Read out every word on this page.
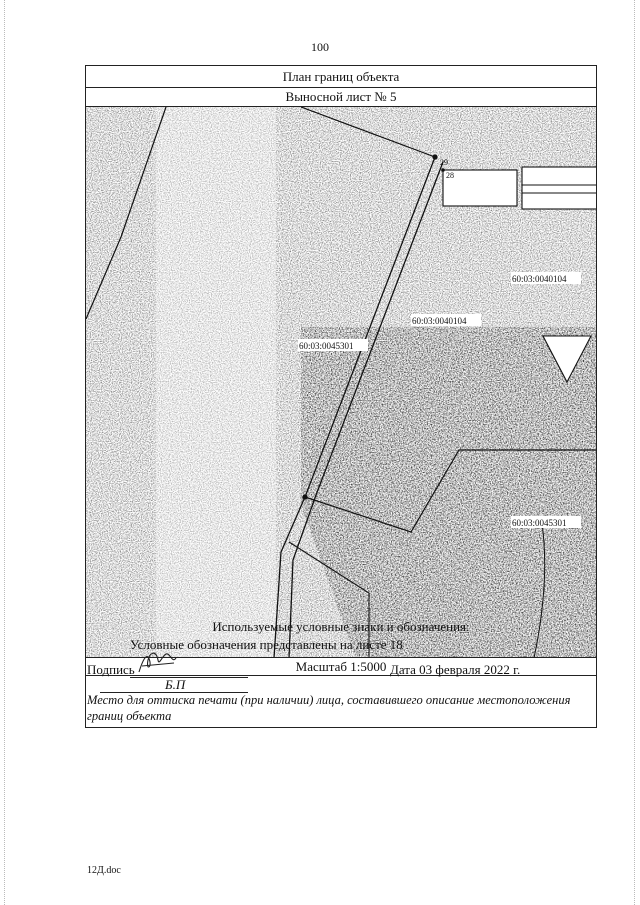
100
План границ объекта
Выносной лист № 5
60:03:0045301
60:03:0040104
60:03:0040104
60:03:0045301
29
28
Масштаб 1:5000
Используемые условные знаки и обозначения:
Условные обозначения представлены на листе 18
Подпись
Б.П
Дата 03 февраля 2022 г.
Место для оттиска печати (при наличии) лица, составившего описание местоположения границ объекта
12Д.doc
